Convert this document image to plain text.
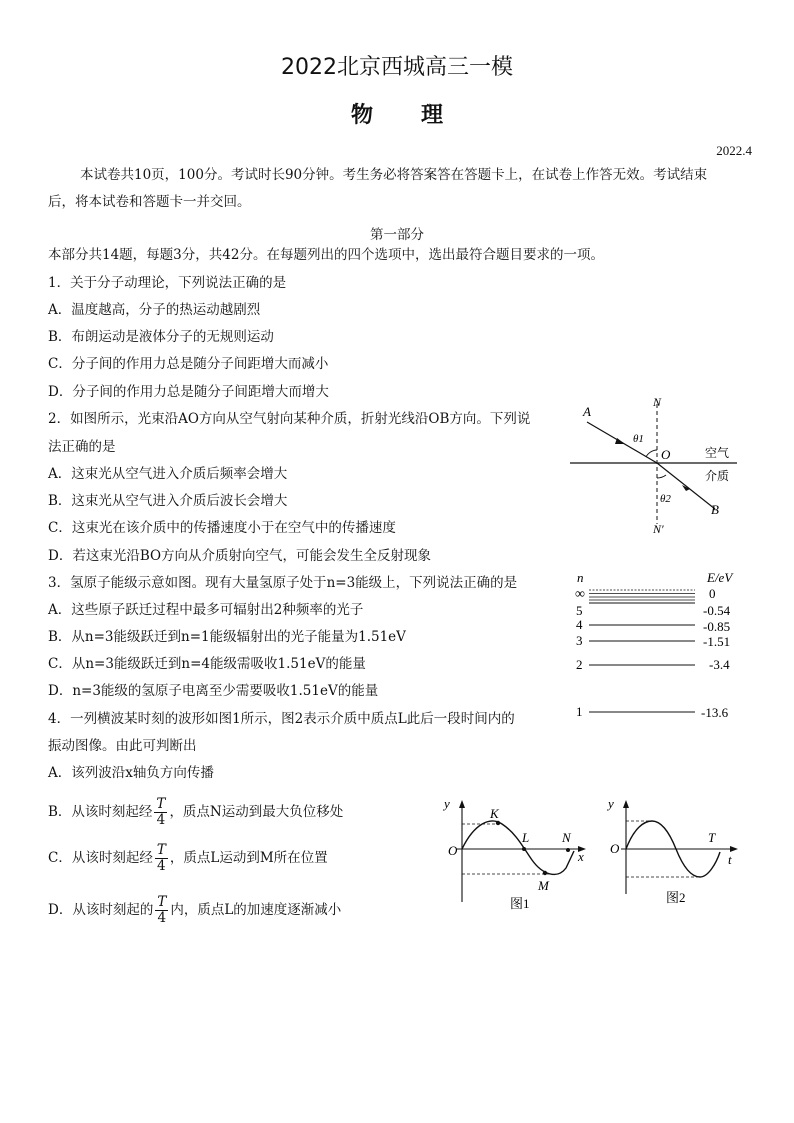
2022北京西城高三一模
物理
2022.4
本试卷共10页，100分。考试时长90分钟。考生务必将答案答在答题卡上，在试卷上作答无效。考试结束
后，将本试卷和答题卡一并交回。
第一部分
本部分共14题，每题3分，共42分。在每题列出的四个选项中，选出最符合题目要求的一项。
1．关于分子动理论，下列说法正确的是
A．温度越高，分子的热运动越剧烈
B．布朗运动是液体分子的无规则运动
C．分子间的作用力总是随分子间距增大而减小
D．分子间的作用力总是随分子间距增大而增大
2．如图所示，光束沿AO方向从空气射向某种介质，折射光线沿OB方向。下列说
法正确的是
A．这束光从空气进入介质后频率会增大
B．这束光从空气进入介质后波长会增大
C．这束光在该介质中的传播速度小于在空气中的传播速度
D．若这束光沿BO方向从介质射向空气，可能会发生全反射现象
A
N
θ1
O	空气
介质
θ2
B
N′
3．氢原子能级示意如图。现有大量氢原子处于n=3能级上，下列说法正确的是
A．这些原子跃迁过程中最多可辐射出2种频率的光子
B．从n=3能级跃迁到n=1能级辐射出的光子能量为1.51eV
C．从n=3能级跃迁到n=4能级需吸收1.51eV的能量
D．n=3能级的氢原子电离至少需要吸收1.51eV的能量
n	E/eV
∞	0
5	-0.54
4	-0.85
3	-1.51
2	-3.4
1	-13.6
4．一列横波某时刻的波形如图1所示，图2表示介质中质点L此后一段时间内的
振动图像。由此可判断出
A．该列波沿x轴负方向传播
B．从该时刻起经 $\frac{T}{4}$ ，质点N运动到最大负位移处
C．从该时刻起经 $\frac{T}{4}$ ，质点L运动到M所在位置
D．从该时刻起的 $\frac{T}{4}$ 内，质点L的加速度逐渐减小
y
O
K
L	N
x
M
图1
y
O
T
t
图2
